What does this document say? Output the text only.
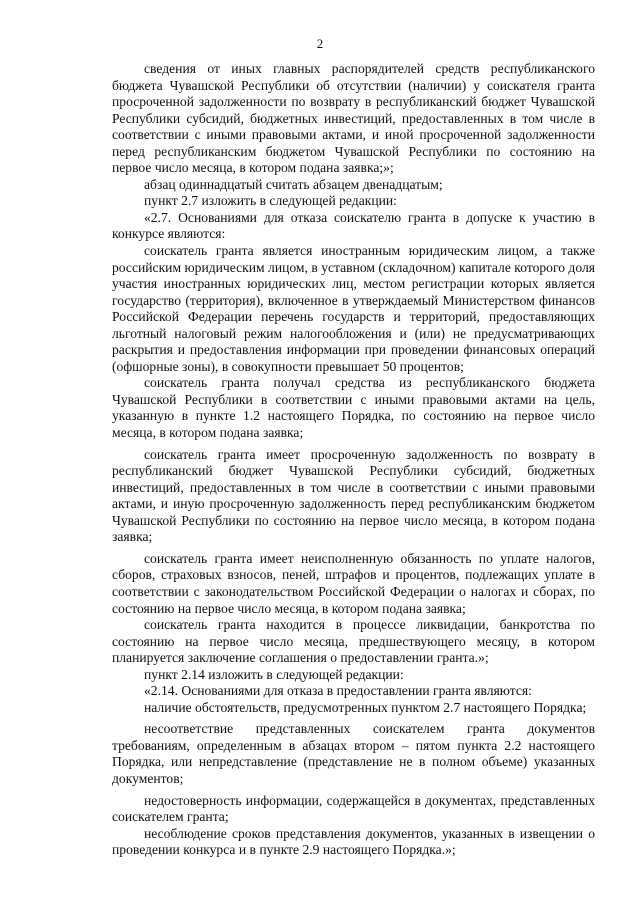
2

сведения от иных главных распорядителей средств республиканского бюджета Чувашской Республики об отсутствии (наличии) у соискателя гранта просроченной задолженности по возврату в республиканский бюджет Чувашской Республики субсидий, бюджетных инвестиций, предоставленных в том числе в соответствии с иными правовыми актами, и иной просроченной задолженности перед республиканским бюджетом Чувашской Республики по состоянию на первое число месяца, в котором подана заявка;»;

абзац одиннадцатый считать абзацем двенадцатым;

пункт 2.7 изложить в следующей редакции:

«2.7. Основаниями для отказа соискателю гранта в допуске к участию в конкурсе являются:

соискатель гранта является иностранным юридическим лицом, а также российским юридическим лицом, в уставном (складочном) капитале которого доля участия иностранных юридических лиц, местом регистрации которых является государство (территория), включенное в утверждаемый Министерством финансов Российской Федерации перечень государств и территорий, предоставляющих льготный налоговый режим налогообложения и (или) не предусматривающих раскрытия и предоставления информации при проведении финансовых операций (офшорные зоны), в совокупности превышает 50 процентов;

соискатель гранта получал средства из республиканского бюджета Чувашской Республики в соответствии с иными правовыми актами на цель, указанную в пункте 1.2 настоящего Порядка, по состоянию на первое число месяца, в котором подана заявка;

соискатель гранта имеет просроченную задолженность по возврату в республиканский бюджет Чувашской Республики субсидий, бюджетных инвестиций, предоставленных в том числе в соответствии с иными правовыми актами, и иную просроченную задолженность перед республиканским бюджетом Чувашской Республики по состоянию на первое число месяца, в котором подана заявка;

соискатель гранта имеет неисполненную обязанность по уплате налогов, сборов, страховых взносов, пеней, штрафов и процентов, подлежащих уплате в соответствии с законодательством Российской Федерации о налогах и сборах, по состоянию на первое число месяца, в котором подана заявка;

соискатель гранта находится в процессе ликвидации, банкротства по состоянию на первое число месяца, предшествующего месяцу, в котором планируется заключение соглашения о предоставлении гранта.»;

пункт 2.14 изложить в следующей редакции:

«2.14. Основаниями для отказа в предоставлении гранта являются:

наличие обстоятельств, предусмотренных пунктом 2.7 настоящего Порядка;

несоответствие представленных соискателем гранта документов требованиям, определенным в абзацах втором – пятом пункта 2.2 настоящего Порядка, или непредставление (представление не в полном объеме) указанных документов;

недостоверность информации, содержащейся в документах, представленных соискателем гранта;

несоблюдение сроков представления документов, указанных в извещении о проведении конкурса и в пункте 2.9 настоящего Порядка.»;
